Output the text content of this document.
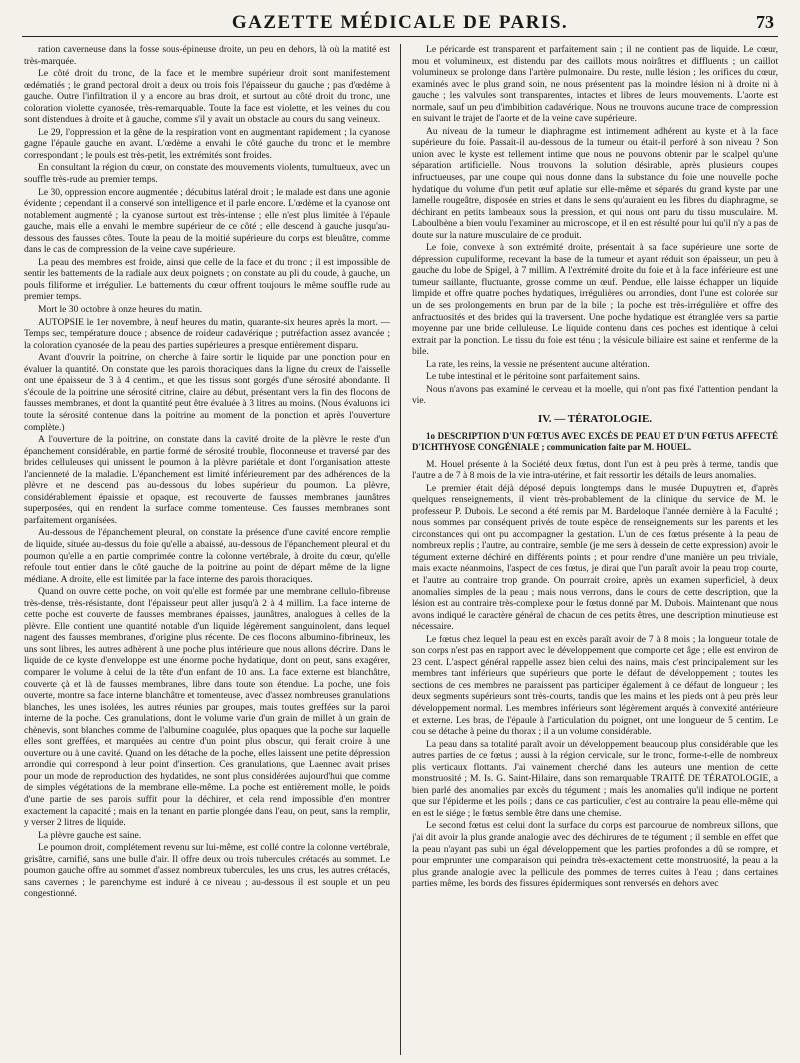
GAZETTE MÉDICALE DE PARIS.	73

ration caverneuse dans la fosse sous-épineuse droite, un peu en dehors, là où la matité est très-marquée.

Le côté droit du tronc, de la face et le membre supérieur droit sont manifestement œdématiés ; le grand pectoral droit a deux ou trois fois l'épaisseur du gauche ; pas d'œdème à gauche. Outre l'infiltration il y a encore au bras droit, et surtout au côté droit du tronc, une coloration violette cyanosée, très-remarquable. Toute la face est violette, et les veines du cou sont distendues à droite et à gauche, comme s'il y avait un obstacle au cours du sang veineux.

Le 29, l'oppression et la gêne de la respiration vont en augmentant rapidement ; la cyanose gagne l'épaule gauche en avant. L'œdème a envahi le côté gauche du tronc et le membre correspondant ; le pouls est très-petit, les extrémités sont froides.

En consultant la région du cœur, on constate des mouvements violents, tumultueux, avec un souffle très-rude au premier temps.

Le 30, oppression encore augmentée ; décubitus latéral droit ; le malade est dans une agonie évidente ; cependant il a conservé son intelligence et il parle encore. L'œdème et la cyanose ont notablement augmenté ; la cyanose surtout est très-intense ; elle n'est plus limitée à l'épaule gauche, mais elle a envahi le membre supérieur de ce côté ; elle descend à gauche jusqu'au-dessous des fausses côtes. Toute la peau de la moitié supérieure du corps est bleuâtre, comme dans le cas de compression de la veine cave supérieure.

La peau des membres est froide, ainsi que celle de la face et du tronc ; il est impossible de sentir les battements de la radiale aux deux poignets ; on constate au pli du coude, à gauche, un pouls filiforme et irrégulier. Le battements du cœur offrent toujours le même souffle rude au premier temps.

Mort le 30 octobre à onze heures du matin.

AUTOPSIE le 1er novembre, à neuf heures du matin, quarante-six heures après la mort. — Temps sec, température douce ; absence de roideur cadavérique ; putréfaction assez avancée ; la coloration cyanosée de la peau des parties supérieures a presque entièrement disparu.

Avant d'ouvrir la poitrine, on cherche à faire sortir le liquide par une ponction pour en évaluer la quantité. On constate que les parois thoraciques dans la ligne du creux de l'aisselle ont une épaisseur de 3 à 4 centim., et que les tissus sont gorgés d'une sérosité abondante. Il s'écoule de la poitrine une sérosité citrine, claire au début, présentant vers la fin des flocons de fausses membranes, et dont la quantité peut être évaluée à 3 litres au moins. (Nous évaluons ici toute la sérosité contenue dans la poitrine au moment de la ponction et après l'ouverture complète.)

A l'ouverture de la poitrine, on constate dans la cavité droite de la plèvre le reste d'un épanchement considérable, en partie formé de sérosité trouble, floconneuse et traversé par des brides celluleuses qui unissent le poumon à la plèvre pariétale et dont l'organisation atteste l'ancienneté de la maladie. L'épanchement est limité inférieurement par des adhérences de la plèvre et ne descend pas au-dessous du lobes supérieur du poumon. La plèvre, considérablement épaissie et opaque, est recouverte de fausses membranes jaunâtres superposées, qui en rendent la surface comme tomenteuse. Ces fausses membranes sont parfaitement organisées.

Au-dessous de l'épanchement pleural, on constate la présence d'une cavité encore remplie de liquide, située au-dessus du foie qu'elle a abaissé, au-dessous de l'épanchement pleural et du poumon qu'elle a en partie comprimée contre la colonne vertébrale, à droite du cœur, qu'elle refoule tout entier dans le côté gauche de la poitrine au point de départ même de la ligne médiane. A droite, elle est limitée par la face interne des parois thoraciques.

Quand on ouvre cette poche, on voit qu'elle est formée par une membrane cellulo-fibreuse très-dense, très-résistante, dont l'épaisseur peut aller jusqu'à 2 à 4 millim. La face interne de cette poche est couverte de fausses membranes épaisses, jaunâtres, analogues à celles de la plèvre. Elle contient une quantité notable d'un liquide légèrement sanguinolent, dans lequel nagent des fausses membranes, d'origine plus récente. De ces flocons albumino-fibrineux, les uns sont libres, les autres adhèrent à une poche plus intérieure que nous allons décrire. Dans le liquide de ce kyste d'enveloppe est une énorme poche hydatique, dont on peut, sans exagérer, comparer le volume à celui de la tête d'un enfant de 10 ans. La face externe est blanchâtre, couverte çà et là de fausses membranes, libre dans toute son étendue. La poche, une fois ouverte, montre sa face interne blanchâtre et tomenteuse, avec d'assez nombreuses granulations blanches, les unes isolées, les autres réunies par groupes, mais toutes greffées sur la paroi interne de la poche. Ces granulations, dont le volume varie d'un grain de millet à un grain de chènevis, sont blanches comme de l'albumine coagulée, plus opaques que la poche sur laquelle elles sont greffées, et marquées au centre d'un point plus obscur, qui ferait croire à une ouverture ou à une cavité. Quand on les détache de la poche, elles laissent une petite dépression arrondie qui correspond à leur point d'insertion. Ces granulations, que Laennec avait prises pour un mode de reproduction des hydatides, ne sont plus considérées aujourd'hui que comme de simples végétations de la membrane elle-même. La poche est entièrement molle, le poids d'une partie de ses parois suffit pour la déchirer, et cela rend impossible d'en montrer exactement la capacité ; mais en la tenant en partie plongée dans l'eau, on peut, sans la remplir, y verser 2 litres de liquide.

La plèvre gauche est saine.

Le poumon droit, complétement revenu sur lui-même, est collé contre la colonne vertébrale, grisâtre, carnifié, sans une bulle d'air. Il offre deux ou trois tubercules crétacés au sommet. Le poumon gauche offre au sommet d'assez nombreux tubercules, les uns crus, les autres crétacés, sans cavernes ; le parenchyme est induré à ce niveau ; au-dessous il est souple et un peu congestionné.

Le péricarde est transparent et parfaitement sain ; il ne contient pas de liquide. Le cœur, mou et volumineux, est distendu par des caillots mous noirâtres et diffluents ; un caillot volumineux se prolonge dans l'artère pulmonaire. Du reste, nulle lésion ; les orifices du cœur, examinés avec le plus grand soin, ne nous présentent pas la moindre lésion ni à droite ni à gauche ; les valvules sont transparentes, intactes et libres de leurs mouvements. L'aorte est normale, sauf un peu d'imbibition cadavérique. Nous ne trouvons aucune trace de compression en suivant le trajet de l'aorte et de la veine cave supérieure.

Au niveau de la tumeur le diaphragme est intimement adhérent au kyste et à la face supérieure du foie. Passait-il au-dessous de la tumeur ou était-il perforé à son niveau ? Son union avec le kyste est tellement intime que nous ne pouvons obtenir par le scalpel qu'une séparation artificielle. Nous trouvons la solution désirable, après plusieurs coupes infructueuses, par une coupe qui nous donne dans la substance du foie une nouvelle poche hydatique du volume d'un petit œuf aplatie sur elle-même et séparés du grand kyste par une lamelle rougeâtre, disposée en stries et dans le sens qu'auraient eu les fibres du diaphragme, se déchirant en petits lambeaux sous la pression, et qui nous ont paru du tissu musculaire. M. Laboulbène a bien voulu l'examiner au microscope, et il en est résulté pour lui qu'il n'y a pas de doute sur la nature musculaire de ce produit.

Le foie, convexe à son extrémité droite, présentait à sa face supérieure une sorte de dépression cupuliforme, recevant la base de la tumeur et ayant réduit son épaisseur, un peu à gauche du lobe de Spigel, à 7 millim. A l'extrémité droite du foie et à la face inférieure est une tumeur saillante, fluctuante, grosse comme un œuf. Pendue, elle laisse échapper un liquide limpide et offre quatre poches hydatiques, irrégulières ou arrondies, dont l'une est colorée sur un de ses prolongements en brun par de la bile ; la poche est très-irrégulière et offre des anfractuosités et des brides qui la traversent. Une poche hydatique est étranglée vers sa partie moyenne par une bride celluleuse. Le liquide contenu dans ces poches est identique à celui extrait par la ponction. Le tissu du foie est ténu ; la vésicule biliaire est saine et renferme de la bile.

La rate, les reins, la vessie ne présentent aucune altération.

Le tube intestinal et le péritoine sont parfaitement sains.

Nous n'avons pas examiné le cerveau et la moelle, qui n'ont pas fixé l'attention pendant la vie.

IV. — TÉRATOLOGIE.
1o DESCRIPTION D'UN FŒTUS AVEC EXCÈS DE PEAU ET D'UN FŒTUS AFFECTÉ D'ICHTHYOSE CONGÉNIALE ; communication faite par M. HOUEL.

M. Houel présente à la Société deux fœtus, dont l'un est à peu près à terme, tandis que l'autre a de 7 à 8 mois de la vie intra-utérine, et fait ressortir les détails de leurs anomalies.

Le premier était déjà déposé depuis longtemps dans le musée Dupuytren et, d'après quelques renseignements, il vient très-probablement de la clinique du service de M. le professeur P. Dubois. Le second a été remis par M. Bardeloque l'année dernière à la Faculté ; nous sommes par conséquent privés de toute espèce de renseignements sur les parents et les circonstances qui ont pu accompagner la gestation. L'un de ces fœtus présente à la peau de nombreux replis ; l'autre, au contraire, semble (je me sers à dessein de cette expression) avoir le tégument externe déchiré en différents points ; et pour rendre d'une manière un peu triviale, mais exacte néanmoins, l'aspect de ces fœtus, je dirai que l'un paraît avoir la peau trop courte, et l'autre au contraire trop grande. On pourrait croire, après un examen superficiel, à deux anomalies simples de la peau ; mais nous verrons, dans le cours de cette description, que la lésion est au contraire très-complexe pour le fœtus donné par M. Dubois. Maintenant que nous avons indiqué le caractère général de chacun de ces petits êtres, une description minutieuse est nécessaire.

Le fœtus chez lequel la peau est en excès paraît avoir de 7 à 8 mois ; la longueur totale de son corps n'est pas en rapport avec le développement que comporte cet âge ; elle est environ de 23 cent. L'aspect général rappelle assez bien celui des nains, mais c'est principalement sur les membres tant inférieurs que supérieurs que porte le défaut de développement ; toutes les sections de ces membres ne paraissent pas participer également à ce défaut de longueur ; les deux segments supérieurs sont très-courts, tandis que les mains et les pieds ont à peu près leur développement normal. Les membres inférieurs sont légèrement arqués à convexité antérieure et externe. Les bras, de l'épaule à l'articulation du poignet, ont une longueur de 5 centim. Le cou se détache à peine du thorax ; il a un volume considérable.

La peau dans sa totalité paraît avoir un développement beaucoup plus considérable que les autres parties de ce fœtus ; aussi à la région cervicale, sur le tronc, forme-t-elle de nombreux plis verticaux flottants. J'ai vainement cherché dans les auteurs une mention de cette monstruosité ; M. Is. G. Saint-Hilaire, dans son remarquable TRAITÉ DE TÉRATOLOGIE, a bien parlé des anomalies par excès du tégument ; mais les anomalies qu'il indique ne portent que sur l'épiderme et les poils ; dans ce cas particulier, c'est au contraire la peau elle-même qui en est le siége ; le fœtus semble être dans une chemise.

Le second fœtus est celui dont la surface du corps est parcourue de nombreux sillons, que j'ai dit avoir la plus grande analogie avec des déchirures de te tégument ; il semble en effet que la peau n'ayant pas subi un égal développement que les parties profondes a dû se rompre, et pour emprunter une comparaison qui peindra très-exactement cette monstruosité, la peau a la plus grande analogie avec la pellicule des pommes de terres cuites à l'eau ; dans certaines parties même, les bords des fissures épidermiques sont renversés en dehors avec
